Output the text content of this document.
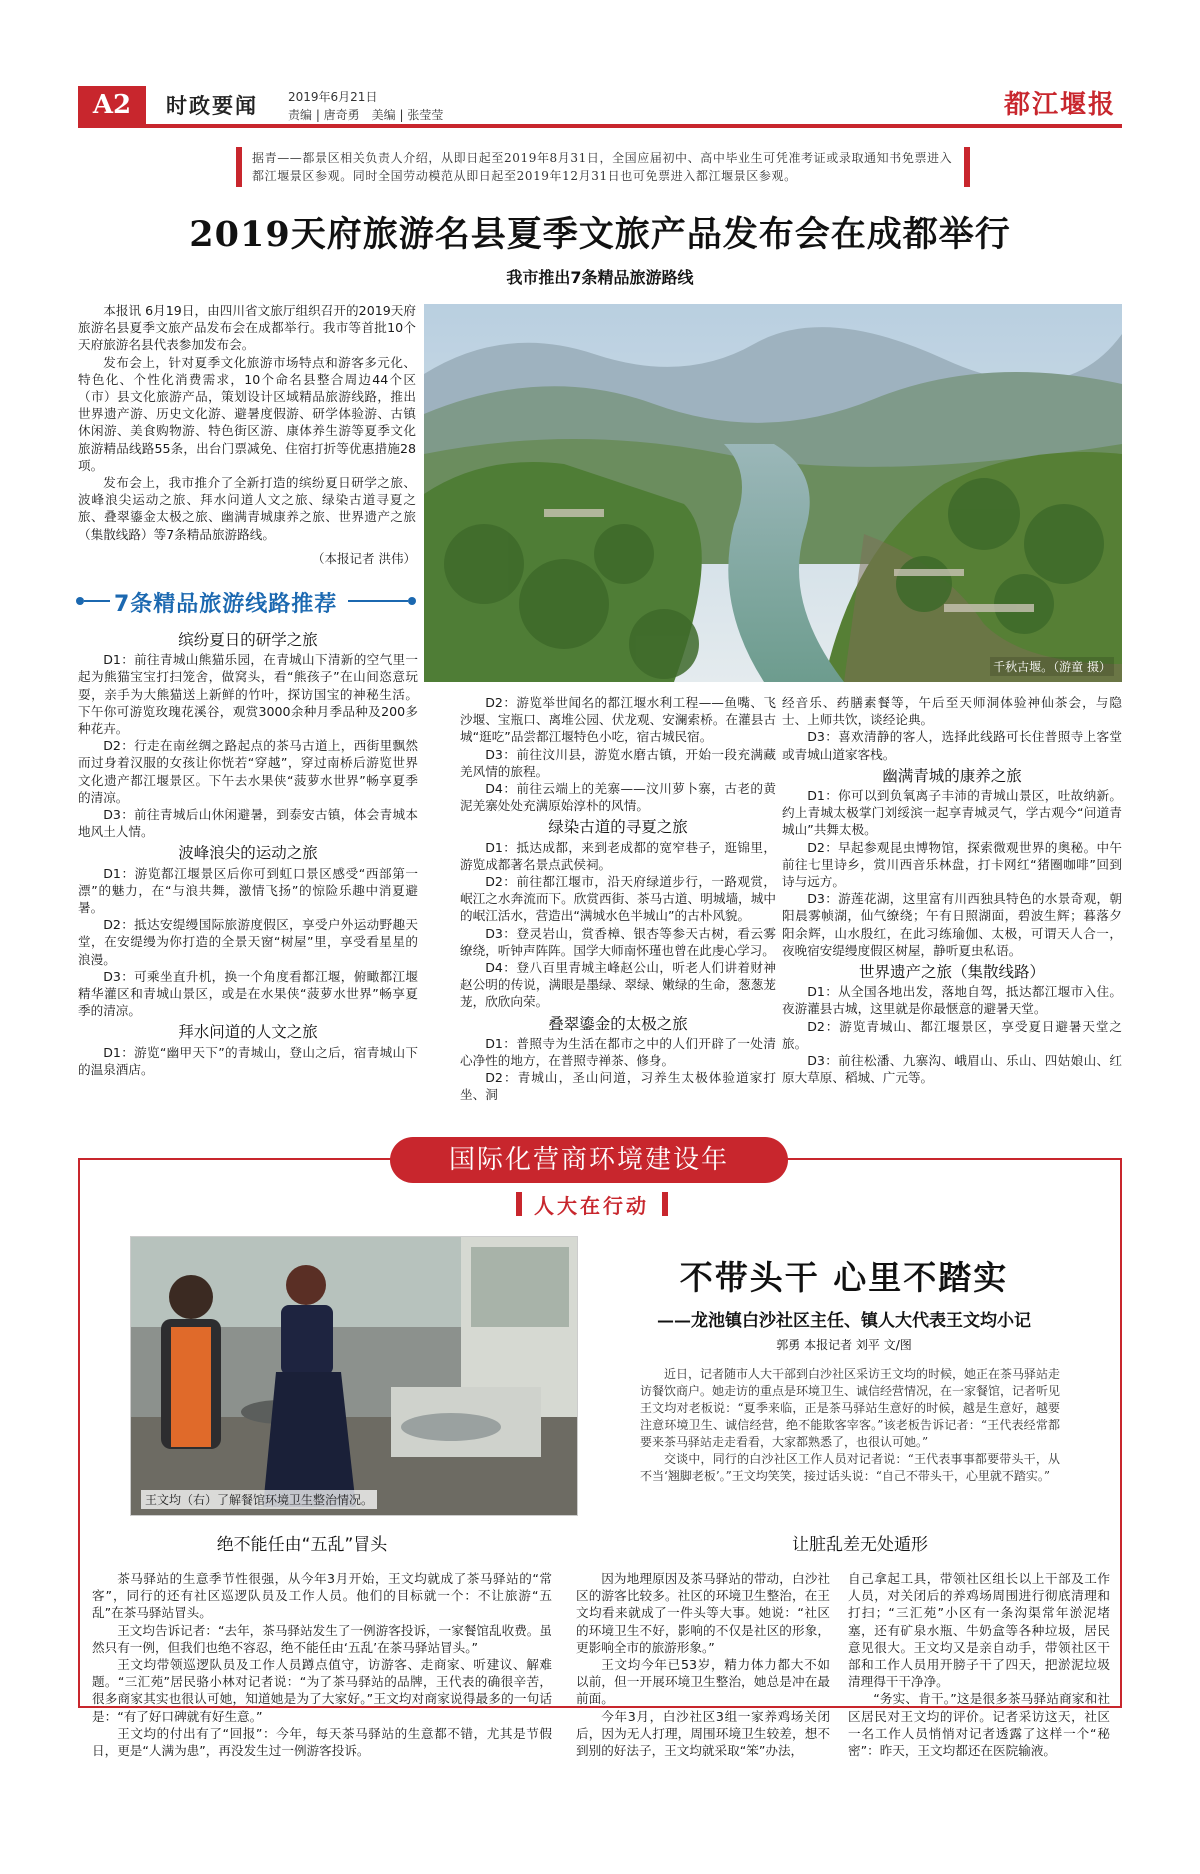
A2	时政要闻	2019年6月21日
责编 | 唐奇勇　美编 | 张莹莹	都江堰报

据青——都景区相关负责人介绍，从即日起至2019年8月31日，全国应届初中、高中毕业生可凭准考证或录取通知书免票进入都江堰景区参观。同时全国劳动模范从即日起至2019年12月31日也可免票进入都江堰景区参观。

2019天府旅游名县夏季文旅产品发布会在成都举行
我市推出7条精品旅游路线

本报讯 6月19日，由四川省文旅厅组织召开的2019天府旅游名县夏季文旅产品发布会在成都举行。我市等首批10个天府旅游名县代表参加发布会。

发布会上，针对夏季文化旅游市场特点和游客多元化、特色化、个性化消费需求，10个命名县整合周边44个区（市）县文化旅游产品，策划设计区域精品旅游线路，推出世界遗产游、历史文化游、避暑度假游、研学体验游、古镇休闲游、美食购物游、特色街区游、康体养生游等夏季文化旅游精品线路55条，出台门票减免、住宿打折等优惠措施28项。

发布会上，我市推介了全新打造的缤纷夏日研学之旅、波峰浪尖运动之旅、拜水问道人文之旅、绿染古道寻夏之旅、叠翠鎏金太极之旅、幽满青城康养之旅、世界遗产之旅（集散线路）等7条精品旅游路线。

（本报记者 洪伟）
千秋古堰。（游童 摄）
7条精品旅游线路推荐
缤纷夏日的研学之旅

D1：前往青城山熊猫乐园，在青城山下清新的空气里一起为熊猫宝宝打扫笼舍，做窝头，看“熊孩子”在山间恣意玩耍，亲手为大熊猫送上新鲜的竹叶，探访国宝的神秘生活。下午你可游览玫瑰花溪谷，观赏3000余种月季品种及200多种花卉。

D2：行走在南丝绸之路起点的茶马古道上，西街里飘然而过身着汉服的女孩让你恍若“穿越”，穿过南桥后游览世界文化遗产都江堰景区。下午去水果侠“菠萝水世界”畅享夏季的清凉。

D3：前往青城后山休闲避暑，到泰安古镇，体会青城本地风土人情。

波峰浪尖的运动之旅

D1：游览都江堰景区后你可到虹口景区感受“西部第一漂”的魅力，在“与浪共舞，激情飞扬”的惊险乐趣中消夏避暑。

D2：抵达安缇缦国际旅游度假区，享受户外运动野趣天堂，在安缇缦为你打造的全景天窗“树屋”里，享受看星星的浪漫。

D3：可乘坐直升机，换一个角度看都江堰，俯瞰都江堰精华灌区和青城山景区，或是在水果侠“菠萝水世界”畅享夏季的清凉。

拜水问道的人文之旅

D1：游览“幽甲天下”的青城山，登山之后，宿青城山下的温泉酒店。

D2：游览举世闻名的都江堰水利工程——鱼嘴、飞沙堰、宝瓶口、离堆公园、伏龙观、安澜索桥。在灌县古城“逛吃”品尝都江堰特色小吃，宿古城民宿。

D3：前往汶川县，游览水磨古镇，开始一段充满藏羌风情的旅程。

D4：前往云端上的羌寨——汶川萝卜寨，古老的黄泥羌寨处处充满原始淳朴的风情。

绿染古道的寻夏之旅

D1：抵达成都，来到老成都的宽窄巷子，逛锦里，游览成都著名景点武侯祠。

D2：前往都江堰市，沿天府绿道步行，一路观赏，岷江之水奔流而下。欣赏西街、茶马古道、明城墙，城中的岷江活水，营造出“满城水色半城山”的古朴风貌。

D3：登灵岩山，赏香樟、银杏等参天古树，看云雾缭绕，听钟声阵阵。国学大师南怀瑾也曾在此虔心学习。

D4：登八百里青城主峰赵公山，听老人们讲着财神赵公明的传说，满眼是墨绿、翠绿、嫩绿的生命，葱葱茏茏，欣欣向荣。

叠翠鎏金的太极之旅

D1：普照寺为生活在都市之中的人们开辟了一处清心净性的地方，在普照寺禅茶、修身。

D2：青城山，圣山问道，习养生太极体验道家打坐、洞

经音乐、药膳素餐等，午后至天师洞体验神仙茶会，与隐士、上师共饮，谈经论典。

D3：喜欢清静的客人，选择此线路可长住普照寺上客堂或青城山道家客栈。

幽满青城的康养之旅

D1：你可以到负氧离子丰沛的青城山景区，吐故纳新。约上青城太极掌门刘绥滨一起享青城灵气，学古观今“问道青城山”共舞太极。

D2：早起参观昆虫博物馆，探索微观世界的奥秘。中午前往七里诗乡，赏川西音乐林盘，打卡网红“猪圈咖啡”回到诗与远方。

D3：游莲花湖，这里富有川西独具特色的水景奇观，朝阳晨雾帧湖，仙气缭绕；午有日照湖面，碧波生辉；暮落夕阳余辉，山水殷红，在此习练瑜伽、太极，可谓天人合一，夜晚宿安缇缦度假区树屋，静听夏虫私语。

世界遗产之旅（集散线路）

D1：从全国各地出发，落地自驾，抵达都江堰市入住。夜游灌县古城，这里就是你最惬意的避暑天堂。

D2：游览青城山、都江堰景区，享受夏日避暑天堂之旅。

D3：前往松潘、九寨沟、峨眉山、乐山、四姑娘山、红原大草原、稻城、广元等。

国际化营商环境建设年
人大在行动
王文均（右）了解餐馆环境卫生整治情况。
不带头干 心里不踏实
——龙池镇白沙社区主任、镇人大代表王文均小记
郭勇 本报记者 刘平 文/图

近日，记者随市人大干部到白沙社区采访王文均的时候，她正在茶马驿站走访餐饮商户。她走访的重点是环境卫生、诚信经营情况，在一家餐馆，记者听见王文均对老板说：“夏季来临，正是茶马驿站生意好的时候，越是生意好，越要注意环境卫生、诚信经营，绝不能欺客宰客。”该老板告诉记者：“王代表经常都要来茶马驿站走走看看，大家都熟悉了，也很认可她。”

交谈中，同行的白沙社区工作人员对记者说：“王代表事事都要带头干，从不当‘翘脚老板’。”王文均笑笑，接过话头说：“自己不带头干，心里就不踏实。”

绝不能任由“五乱”冒头	让脏乱差无处遁形

茶马驿站的生意季节性很强，从今年3月开始，王文均就成了茶马驿站的“常客”，同行的还有社区巡逻队员及工作人员。他们的目标就一个：不让旅游“五乱”在茶马驿站冒头。

王文均告诉记者：“去年，茶马驿站发生了一例游客投诉，一家餐馆乱收费。虽然只有一例，但我们也绝不容忍，绝不能任由‘五乱’在茶马驿站冒头。”

王文均带领巡逻队员及工作人员蹲点值守，访游客、走商家、听建议、解难题。“三汇苑”居民骆小林对记者说：“为了茶马驿站的品牌，王代表的确很辛苦，很多商家其实也很认可她，知道她是为了大家好。”王文均对商家说得最多的一句话是：“有了好口碑就有好生意。”

王文均的付出有了“回报”：今年，每天茶马驿站的生意都不错，尤其是节假日，更是“人满为患”，再没发生过一例游客投诉。

因为地理原因及茶马驿站的带动，白沙社区的游客比较多。社区的环境卫生整治，在王文均看来就成了一件头等大事。她说：“社区的环境卫生不好，影响的不仅是社区的形象，更影响全市的旅游形象。”

王文均今年已53岁，精力体力都大不如以前，但一开展环境卫生整治，她总是冲在最前面。

今年3月，白沙社区3组一家养鸡场关闭后，因为无人打理，周围环境卫生较差，想不到别的好法子，王文均就采取“笨”办法，

自己拿起工具，带领社区组长以上干部及工作人员，对关闭后的养鸡场周围进行彻底清理和打扫；“三汇苑”小区有一条沟渠常年淤泥堵塞，还有矿泉水瓶、牛奶盒等各种垃圾，居民意见很大。王文均又是亲自动手，带领社区干部和工作人员用开膀子干了四天，把淤泥垃圾清理得干干净净。

“务实、肯干。”这是很多茶马驿站商家和社区居民对王文均的评价。记者采访这天，社区一名工作人员悄悄对记者透露了这样一个“秘密”：昨天，王文均都还在医院输液。
